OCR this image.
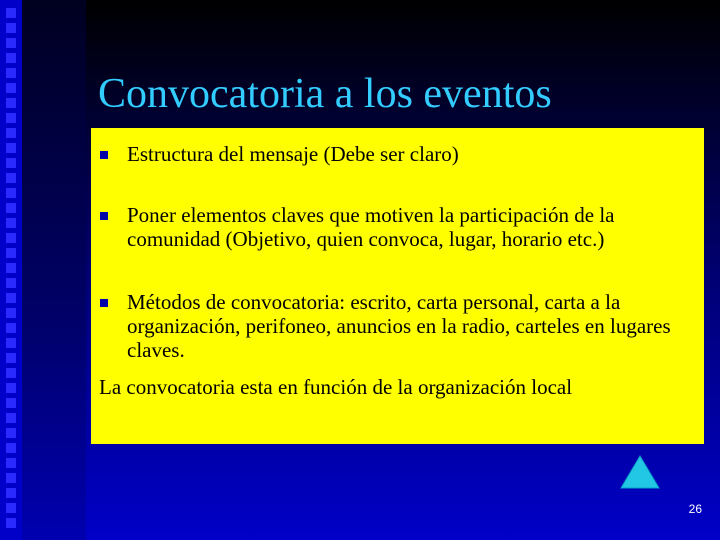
Convocatoria a los eventos
Estructura del mensaje (Debe ser claro)
Poner elementos claves que motiven la participación de la comunidad (Objetivo, quien convoca, lugar, horario etc.)
Métodos de convocatoria: escrito, carta personal, carta a la organización, perifoneo, anuncios en la radio, carteles en lugares claves.
La convocatoria esta en función de la organización local
26
